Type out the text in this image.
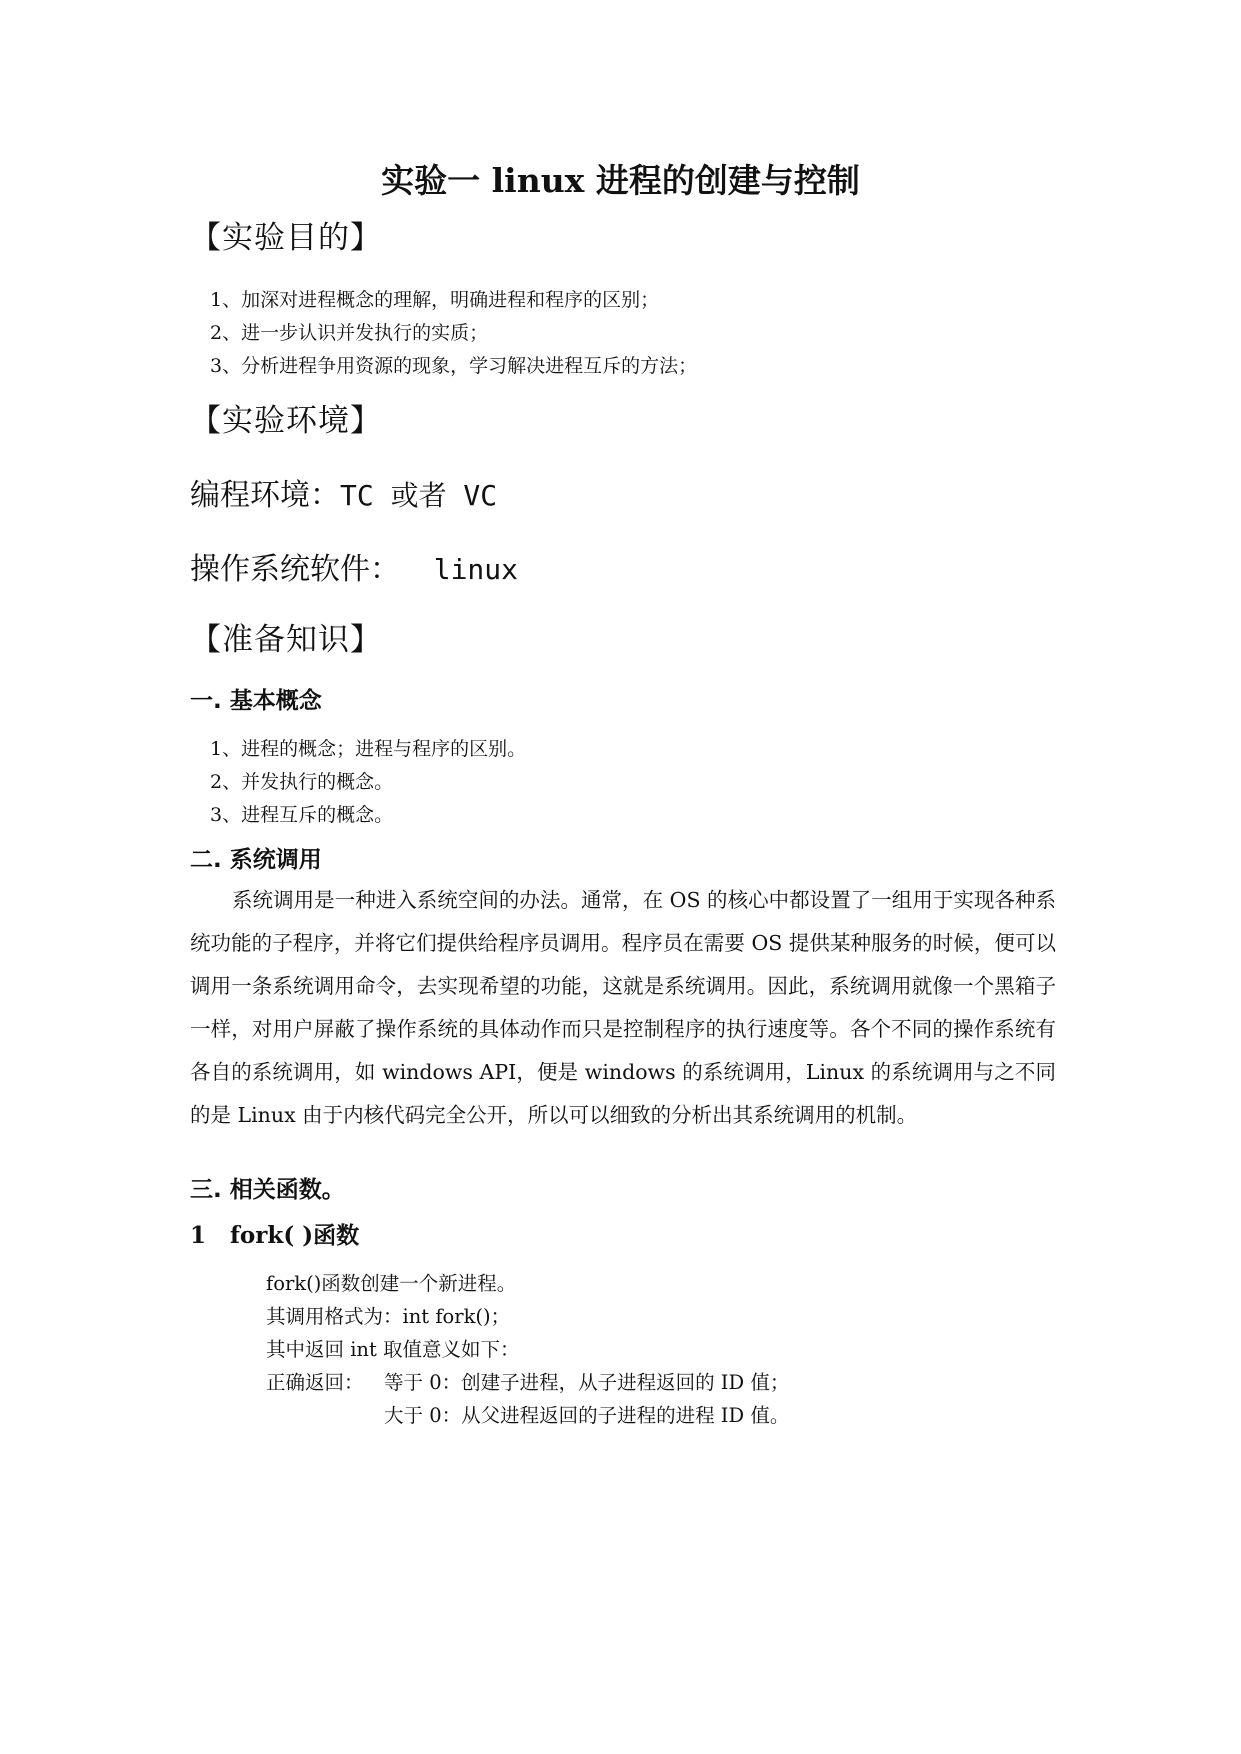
实验一 linux 进程的创建与控制
【实验目的】
1、加深对进程概念的理解，明确进程和程序的区别；
2、进一步认识并发执行的实质；
3、分析进程争用资源的现象，学习解决进程互斥的方法；
【实验环境】
编程环境：TC 或者 VC
操作系统软件：  linux
【准备知识】
一. 基本概念
1、进程的概念；进程与程序的区别。
2、并发执行的概念。
3、进程互斥的概念。
二. 系统调用
系统调用是一种进入系统空间的办法。通常，在 OS 的核心中都设置了一组用于实现各种系统功能的子程序，并将它们提供给程序员调用。程序员在需要 OS 提供某种服务的时候，便可以调用一条系统调用命令，去实现希望的功能，这就是系统调用。因此，系统调用就像一个黑箱子一样，对用户屏蔽了操作系统的具体动作而只是控制程序的执行速度等。各个不同的操作系统有各自的系统调用，如 windows API，便是 windows 的系统调用，Linux 的系统调用与之不同的是 Linux 由于内核代码完全公开，所以可以细致的分析出其系统调用的机制。
三. 相关函数。
1   fork( )函数
fork()函数创建一个新进程。
其调用格式为：int fork()；
其中返回 int 取值意义如下：
正确返回： 等于 0：创建子进程，从子进程返回的 ID 值；
大于 0：从父进程返回的子进程的进程 ID 值。
